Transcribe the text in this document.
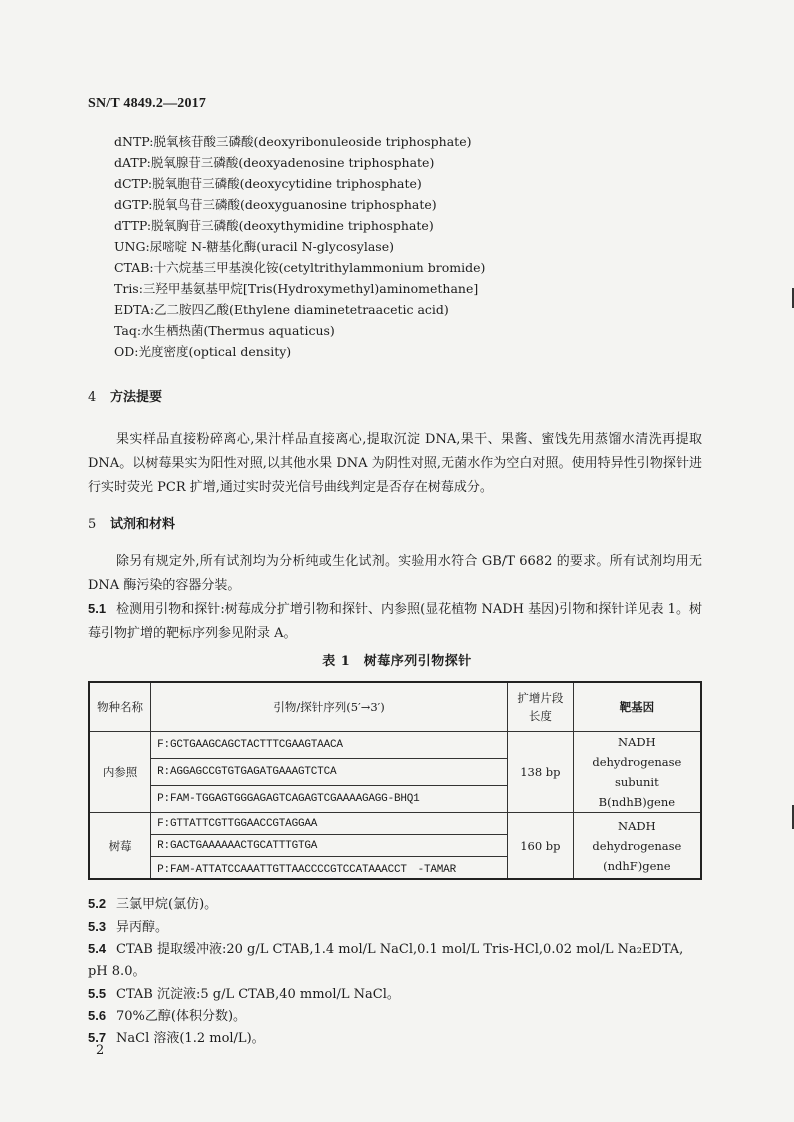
SN/T 4849.2—2017
dNTP:脱氧核苷酸三磷酸(deoxyribonuleoside triphosphate)
dATP:脱氧腺苷三磷酸(deoxyadenosine triphosphate)
dCTP:脱氧胞苷三磷酸(deoxycytidine triphosphate)
dGTP:脱氧鸟苷三磷酸(deoxyguanosine triphosphate)
dTTP:脱氧胸苷三磷酸(deoxythymidine triphosphate)
UNG:尿嘧啶 N-糖基化酶(uracil N-glycosylase)
CTAB:十六烷基三甲基溴化铵(cetyltrithylammonium bromide)
Tris:三羟甲基氨基甲烷[Tris(Hydroxymethyl)aminomethane]
EDTA:乙二胺四乙酸(Ethylene diaminetetraacetic acid)
Taq:水生栖热菌(Thermus aquaticus)
OD:光度密度(optical density)
4 方法提要

果实样品直接粉碎离心,果汁样品直接离心,提取沉淀 DNA,果干、果酱、蜜饯先用蒸馏水清洗再提取 DNA。以树莓果实为阳性对照,以其他水果 DNA 为阴性对照,无菌水作为空白对照。使用特异性引物探针进行实时荧光 PCR 扩增,通过实时荧光信号曲线判定是否存在树莓成分。

5 试剂和材料

除另有规定外,所有试剂均为分析纯或生化试剂。实验用水符合 GB/T 6682 的要求。所有试剂均用无 DNA 酶污染的容器分装。

5.1 检测用引物和探针:树莓成分扩增引物和探针、内参照(显花植物 NADH 基因)引物和探针详见表 1。树莓引物扩增的靶标序列参见附录 A。

表 1　树莓序列引物探针
物种名称	引物/探针序列(5′→3′)	扩增片段长度	靶基因
内参照	F:GCTGAAGCAGCTACTTTCGAAGTAACA	138 bp	NADH dehydrogenase
subunit B(ndhB)gene

	R:AGGAGCCGTGTGAGATGAAAGTCTCA		
	P:FAM-TGGAGTGGGAGAGTCAGAGTCGAAAAGAGG-BHQ1		
树莓	F:GTTATTCGTTGGAACCGTAGGAA	160 bp	NADH dehydrogenase
(ndhF)gene

	R:GACTGAAAAAACTGCATTTGTGA		
	P:FAM-ATTATCCAAATTGTTAACCCCGTCCATAAACCT　-TAMAR		
5.2 三氯甲烷(氯仿)。
5.3 异丙醇。
5.4 CTAB 提取缓冲液:20 g/L CTAB,1.4 mol/L NaCl,0.1 mol/L Tris-HCl,0.02 mol/L Na₂EDTA,
pH 8.0。
5.5 CTAB 沉淀液:5 g/L CTAB,40 mmol/L NaCl。
5.6 70%乙醇(体积分数)。
5.7 NaCl 溶液(1.2 mol/L)。
2
